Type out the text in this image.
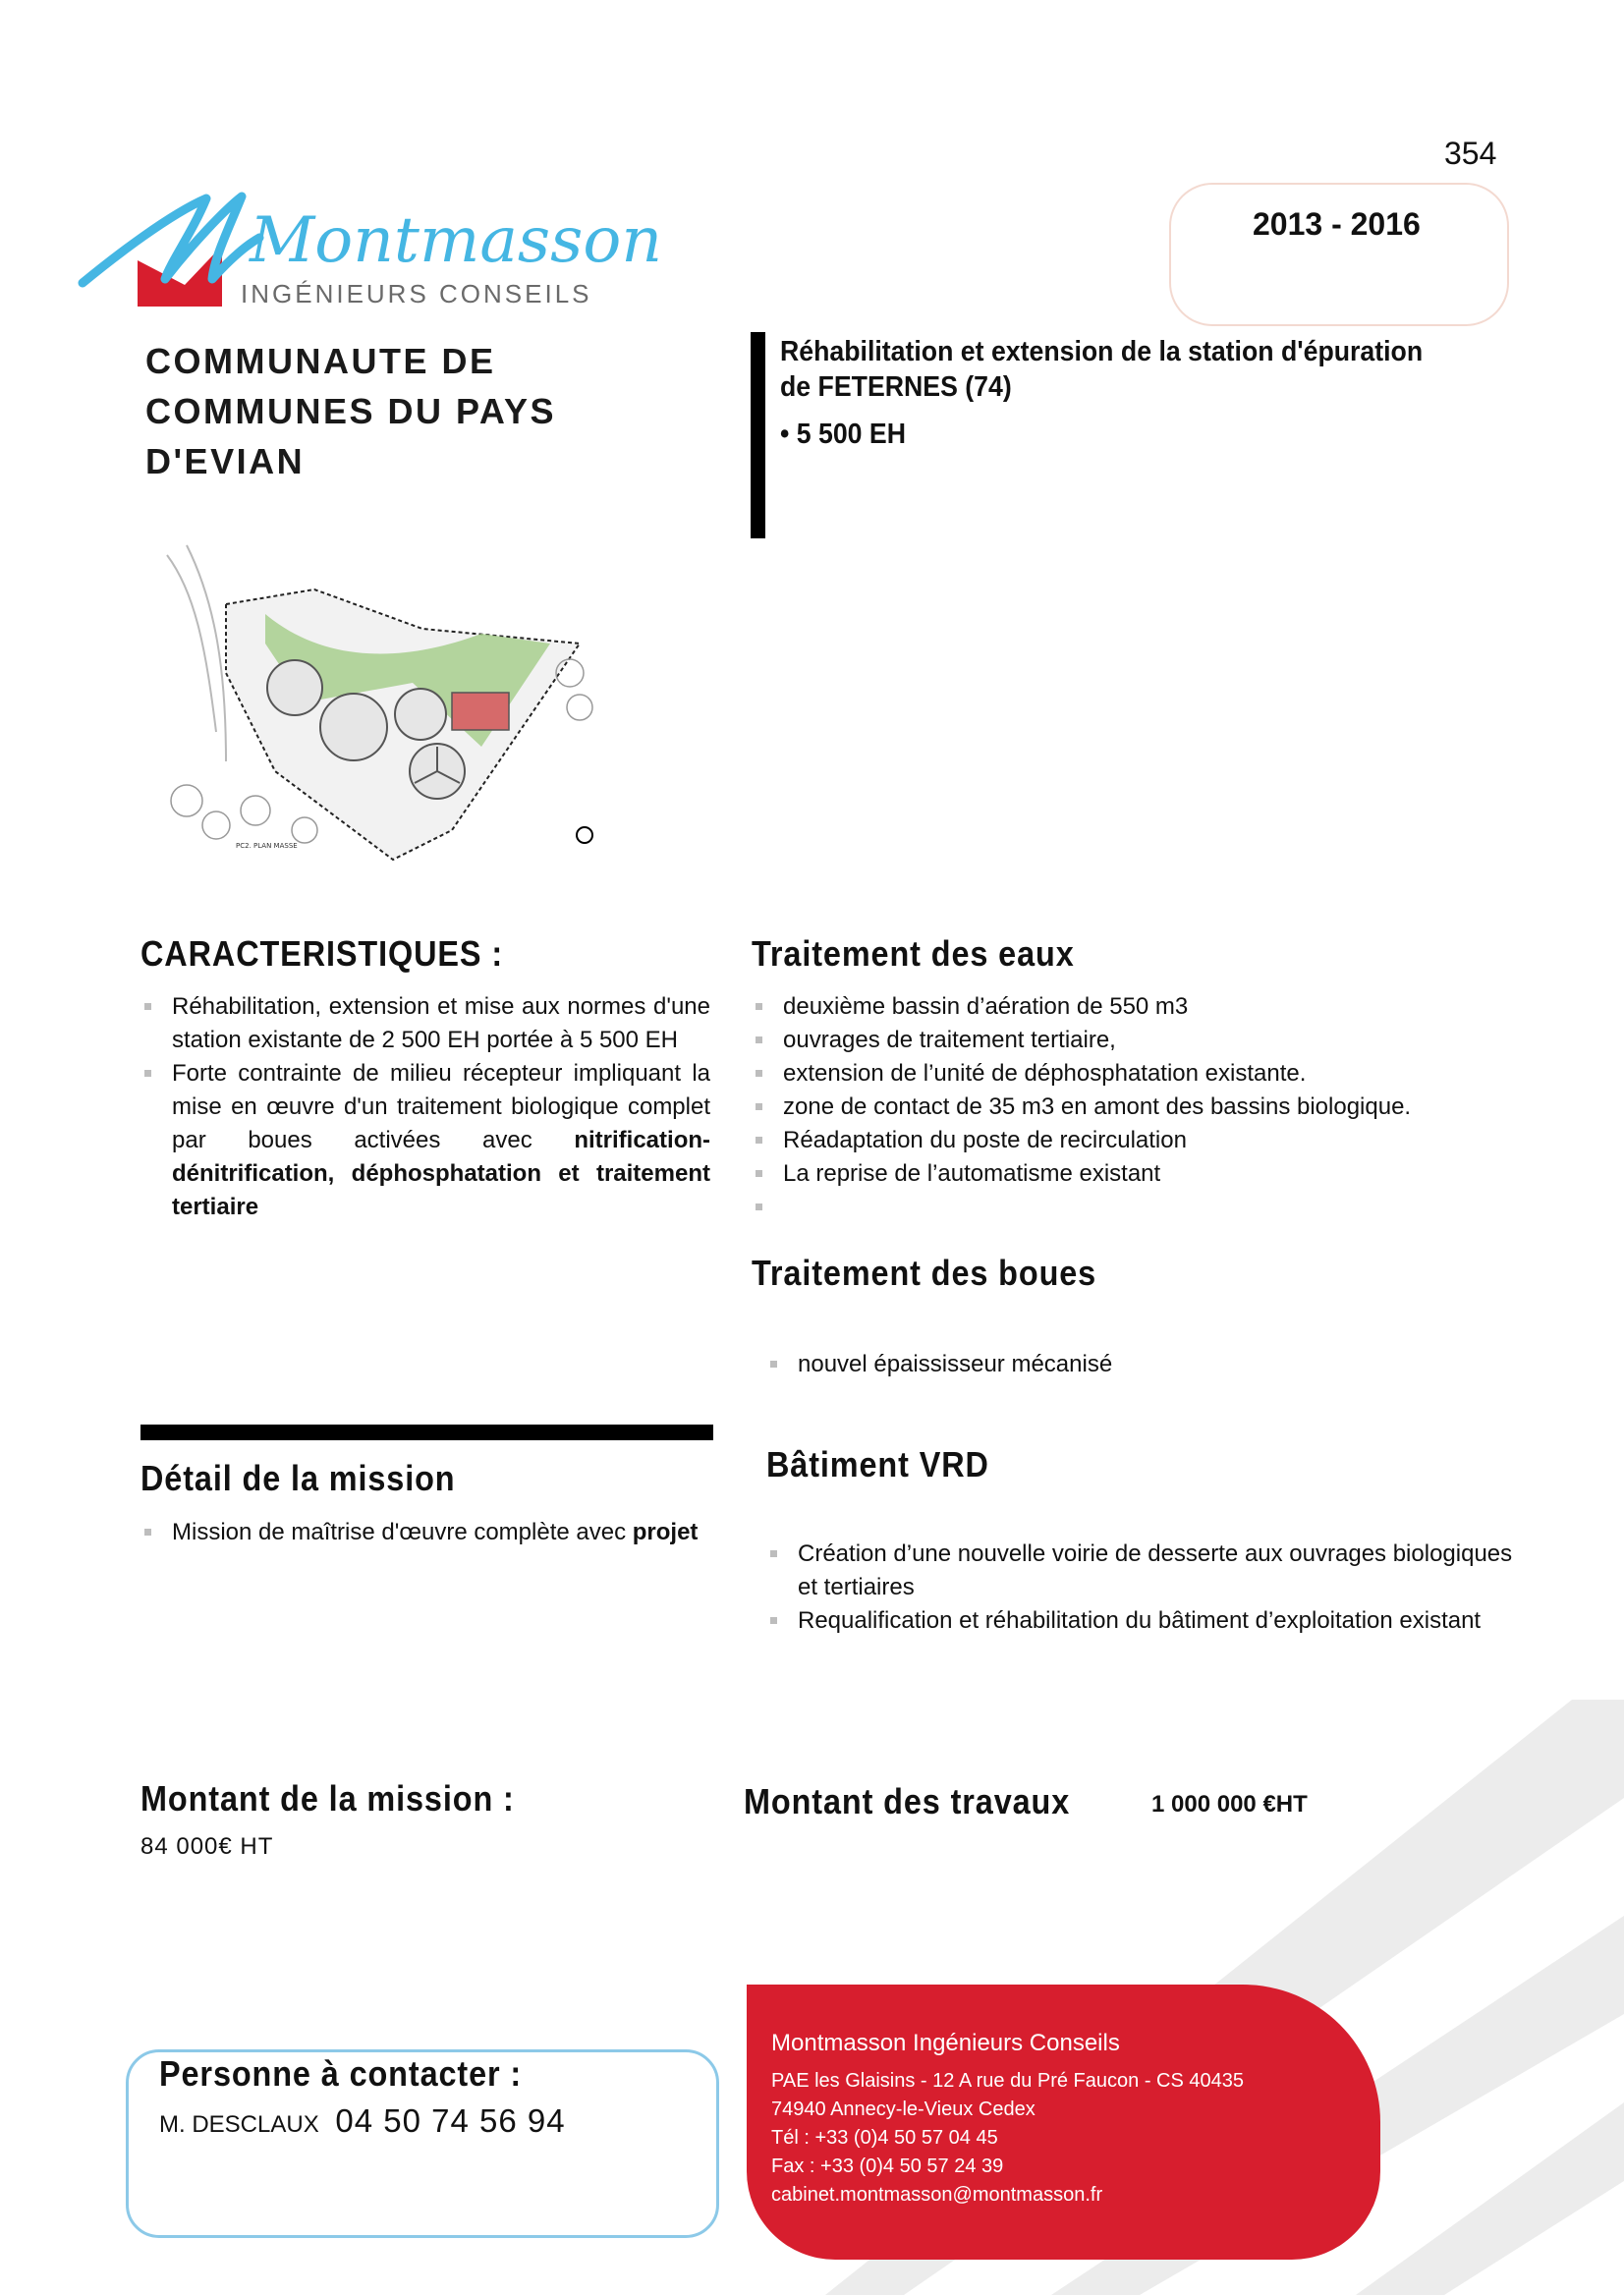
354
2013 - 2016
Montmasson
INGÉNIEURS CONSEILS
COMMUNAUTE DE
COMMUNES DU PAYS
D'EVIAN
Réhabilitation et extension de la station d'épuration de FETERNES (74)
• 5 500 EH
PC2. PLAN MASSE
CARACTERISTIQUES :
Réhabilitation, extension et mise aux normes d'une station existante de 2 500 EH portée à 5 500 EH
Forte contrainte de milieu récepteur impliquant la mise en œuvre d'un traitement biologique complet par boues activées avec nitrification-dénitrification, déphosphatation et traitement tertiaire
Traitement des eaux
deuxième bassin d’aération de 550 m3
ouvrages de traitement tertiaire,
extension de l’unité de déphosphatation existante.
zone de contact de 35 m3 en amont des bassins biologique.
Réadaptation du poste de recirculation
La reprise de l’automatisme existant

Traitement des boues
nouvel épaississeur mécanisé
Détail de la mission
Mission de maîtrise d'œuvre complète avec projet
Bâtiment VRD
Création d’une nouvelle voirie de desserte aux ouvrages biologiques et tertiaires
Requalification et réhabilitation du bâtiment d’exploitation existant
Montant de la mission :
84 000€ HT
Montant des travaux	1 000 000 €HT
Personne à contacter :
M. DESCLAUX 04 50 74 56 94
Montmasson Ingénieurs Conseils
PAE les Glaisins - 12 A rue du Pré Faucon - CS 40435
74940 Annecy-le-Vieux Cedex
Tél : +33 (0)4 50 57 04 45
Fax : +33 (0)4 50 57 24 39
cabinet.montmasson@montmasson.fr
